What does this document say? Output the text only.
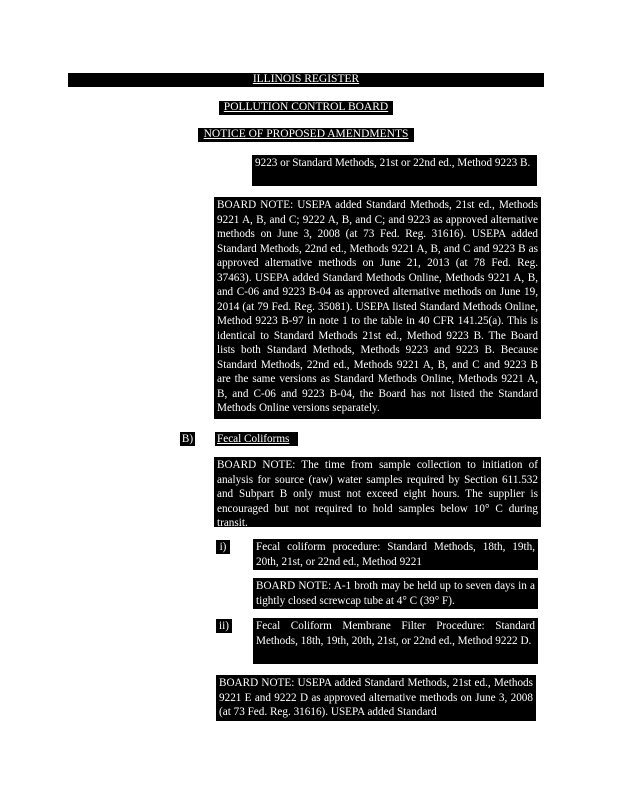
ILLINOIS REGISTER
POLLUTION CONTROL BOARD
NOTICE OF PROPOSED AMENDMENTS
9223 or Standard Methods, 21st or 22nd ed., Method 9223 B.
BOARD NOTE: USEPA added Standard Methods, 21st ed., Methods 9221 A, B, and C; 9222 A, B, and C; and 9223 as approved alternative methods on June 3, 2008 (at 73 Fed. Reg. 31616). USEPA added Standard Methods, 22nd ed., Methods 9221 A, B, and C and 9223 B as approved alternative methods on June 21, 2013 (at 78 Fed. Reg. 37463). USEPA added Standard Methods Online, Methods 9221 A, B, and C-06 and 9223 B-04 as approved alternative methods on June 19, 2014 (at 79 Fed. Reg. 35081). USEPA listed Standard Methods Online, Method 9223 B-97 in note 1 to the table in 40 CFR 141.25(a). This is identical to Standard Methods 21st ed., Method 9223 B. The Board lists both Standard Methods, Methods 9223 and 9223 B. Because Standard Methods, 22nd ed., Methods 9221 A, B, and C and 9223 B are the same versions as Standard Methods Online, Methods 9221 A, B, and C-06 and 9223 B-04, the Board has not listed the Standard Methods Online versions separately.
B) Fecal Coliforms
BOARD NOTE: The time from sample collection to initiation of analysis for source (raw) water samples required by Section 611.532 and Subpart B only must not exceed eight hours. The supplier is encouraged but not required to hold samples below 10° C during transit.
i)	Fecal coliform procedure: Standard Methods, 18th, 19th, 20th, 21st, or 22nd ed., Method 9221
BOARD NOTE: A-1 broth may be held up to seven days in a tightly closed screwcap tube at 4° C (39° F).
ii) Fecal Coliform Membrane Filter Procedure: Standard Methods, 18th, 19th, 20th, 21st, or 22nd ed., Method 9222 D.
BOARD NOTE: USEPA added Standard Methods, 21st ed., Methods 9221 E and 9222 D as approved alternative methods on June 3, 2008 (at 73 Fed. Reg. 31616). USEPA added Standard
